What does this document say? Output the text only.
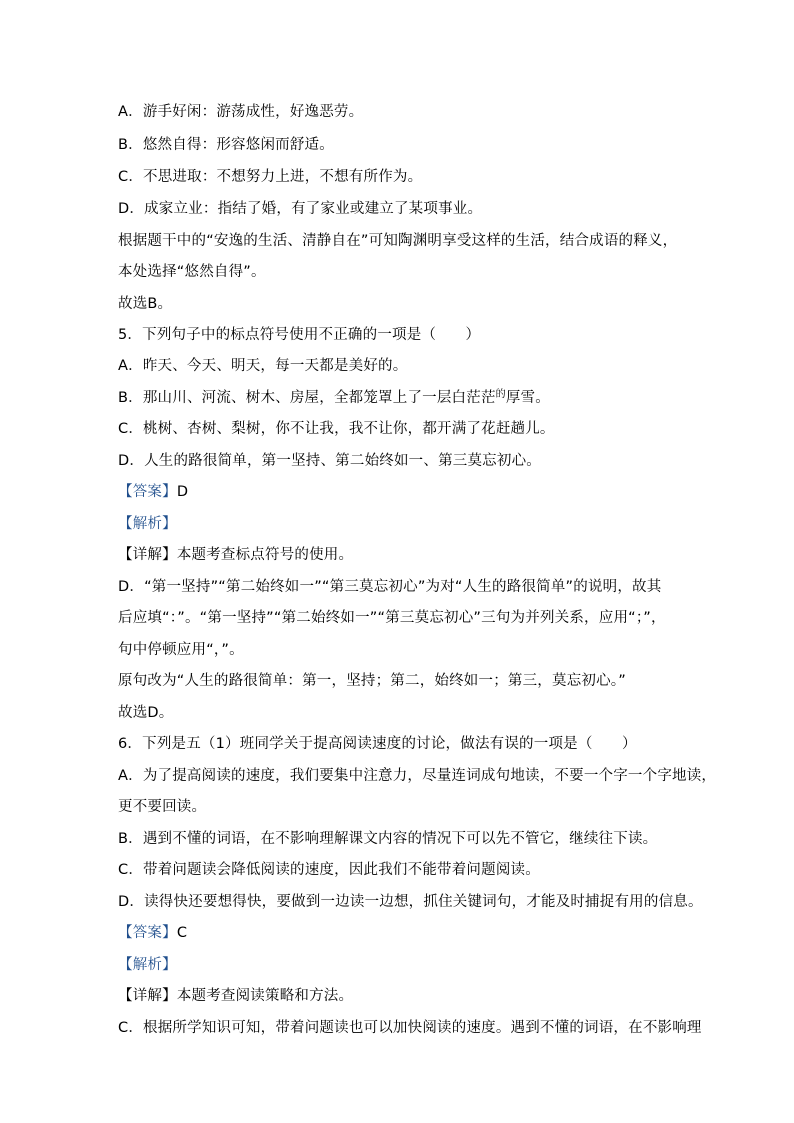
A．游手好闲：游荡成性，好逸恶劳。
B．悠然自得：形容悠闲而舒适。
C．不思进取：不想努力上进，不想有所作为。
D．成家立业：指结了婚，有了家业或建立了某项事业。
根据题干中的“安逸的生活、清静自在”可知陶渊明享受这样的生活，结合成语的释义，
本处选择“悠然自得”。
故选B。
5．下列句子中的标点符号使用不正确的一项是（　　）
A．昨天、今天、明天，每一天都是美好的。
B．那山川、河流、树木、房屋，全都笼罩上了一层白茫茫$^的$厚雪。
C．桃树、杏树、梨树，你不让我，我不让你，都开满了花赶趟儿。
D．人生的路很简单，第一坚持、第二始终如一、第三莫忘初心。
【答案】D
【解析】
【详解】本题考查标点符号的使用。
D．“第一坚持”“第二始终如一”“第三莫忘初心”为对“人生的路很简单”的说明，故其
后应填“：”。“第一坚持”“第二始终如一”“第三莫忘初心”三句为并列关系，应用“；”，
句中停顿应用“，”。
原句改为“人生的路很简单：第一，坚持；第二，始终如一；第三，莫忘初心。”
故选D。
6．下列是五（1）班同学关于提高阅读速度的讨论，做法有误的一项是（　　）
A．为了提高阅读的速度，我们要集中注意力，尽量连词成句地读，不要一个字一个字地读，
更不要回读。
B．遇到不懂的词语，在不影响理解课文内容的情况下可以先不管它，继续往下读。
C．带着问题读会降低阅读的速度，因此我们不能带着问题阅读。
D．读得快还要想得快，要做到一边读一边想，抓住关键词句，才能及时捕捉有用的信息。
【答案】C
【解析】
【详解】本题考查阅读策略和方法。
C．根据所学知识可知，带着问题读也可以加快阅读的速度。遇到不懂的词语，在不影响理
